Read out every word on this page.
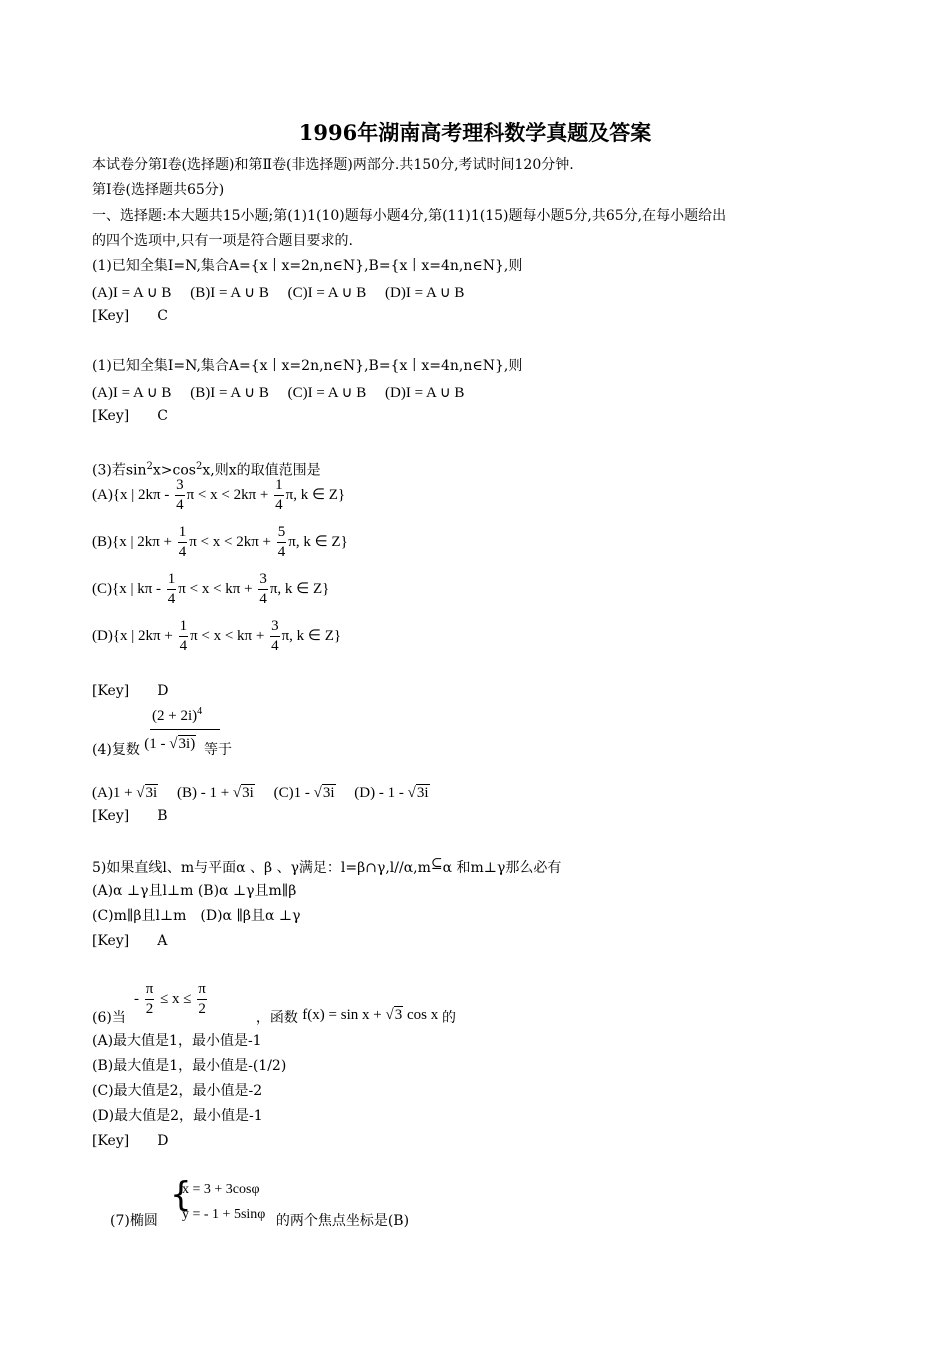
1996年湖南高考理科数学真题及答案
本试卷分第Ⅰ卷(选择题)和第Ⅱ卷(非选择题)两部分.共150分,考试时间120分钟.
第Ⅰ卷(选择题共65分)
一、选择题:本大题共15小题;第(1)1(10)题每小题4分,第(11)1(15)题每小题5分,共65分,在每小题给出
的四个选项中,只有一项是符合题目要求的.
(1)已知全集I=N,集合A={x丨x=2n,n∈N},B={x丨x=4n,n∈N},则
(A)I = A ∪ B　 (B)I = A ∪ B　 (C)I = A ∪ B　 (D)I = A ∪ B
[Key]　　C
(1)已知全集I=N,集合A={x丨x=2n,n∈N},B={x丨x=4n,n∈N},则
(A)I = A ∪ B　 (B)I = A ∪ B　 (C)I = A ∪ B　 (D)I = A ∪ B
[Key]　　C
(3)若$\sin^2x>\cos^2x$,则x的取值范围是
(A){x | $2k\pi - \frac{3}{4}$ $\pi < x < 2k\pi + \frac{1}{4} \pi$, k ∈ Z}
(B){x | $2k\pi + \frac{1}{4}$ $\pi < x < 2k\pi + \frac{5}{4} \pi$, k ∈ Z}
(C){x | kπ - $\frac{1}{4}$ $\pi < x < k\pi + \frac{3}{4} \pi$, k ∈ Z}
(D){x | $2k\pi + \frac{1}{4}$ $\pi < x < k\pi + \frac{3}{4} \pi$, k ∈ Z}
[Key]　　D
$(2 + 2i)^4$
(4)复数 (1 - √3i) 等于
(A)1 + √3i　 (B) - 1 + √3i　 (C)1 - √3i　 (D) - 1 - √3i
[Key]　　B
5)如果直线l、m与平面α 、β 、γ满足：l=β∩γ,l//α,m⊆α 和m⊥γ那么必有
(A)α ⊥γ且l⊥m (B)α ⊥γ且m∥β
(C)m∥β且l⊥m　(D)α ∥β且α ⊥γ
[Key]　　A
- $\frac{\pi}{2} \le x \le \frac{\pi}{2}$
(6)当	，函数 f(x) = sin x + √3 cos x 的
(A)最大值是1，最小值是-1
(B)最大值是1，最小值是-(1/2)
(C)最大值是2，最小值是-2
(D)最大值是2，最小值是-1
[Key]　　D
{
x = 3 + 3cosφ
y = - 1 + 5sinφ
(7)椭圆	的两个焦点坐标是(B)
